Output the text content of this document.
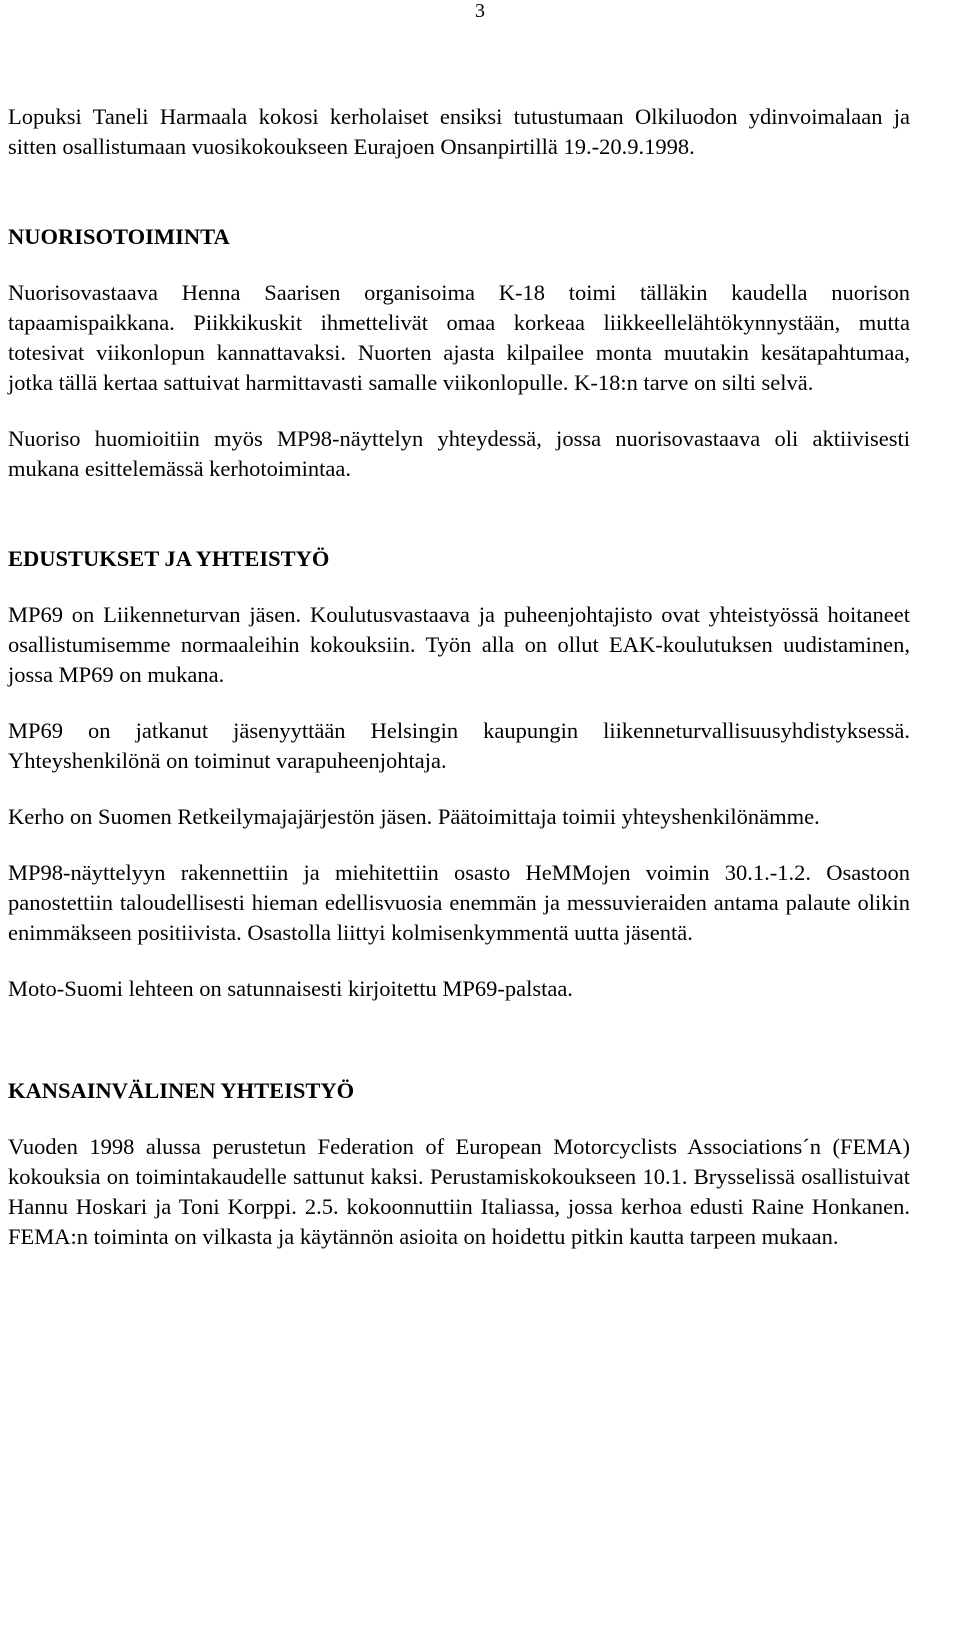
3

Lopuksi Taneli Harmaala kokosi kerholaiset ensiksi tutustumaan Olkiluodon ydinvoimalaan ja sitten osallistumaan vuosikokoukseen Eurajoen Onsanpirtillä 19.-20.9.1998.

NUORISOTOIMINTA

Nuorisovastaava Henna Saarisen organisoima K-18 toimi tälläkin kaudella nuorison tapaamispaikkana. Piikkikuskit ihmettelivät omaa korkeaa liikkeellelähtökynnystään, mutta totesivat viikonlopun kannattavaksi. Nuorten ajasta kilpailee monta muutakin kesätapahtumaa, jotka tällä kertaa sattuivat harmittavasti samalle viikonlopulle. K-18:n tarve on silti selvä.

Nuoriso huomioitiin myös MP98-näyttelyn yhteydessä, jossa nuorisovastaava oli aktiivisesti mukana esittelemässä kerhotoimintaa.

EDUSTUKSET JA YHTEISTYÖ

MP69 on Liikenneturvan jäsen. Koulutusvastaava ja puheenjohtajisto ovat yhteistyössä hoitaneet osallistumisemme normaaleihin kokouksiin. Työn alla on ollut EAK-koulutuksen uudistaminen, jossa MP69 on mukana.

MP69 on jatkanut jäsenyyttään Helsingin kaupungin liikenneturvallisuusyhdistyksessä. Yhteyshenkilönä on toiminut varapuheenjohtaja.

Kerho on Suomen Retkeilymajajärjestön jäsen. Päätoimittaja toimii yhteyshenkilönämme.

MP98-näyttelyyn rakennettiin ja miehitettiin osasto HeMMojen voimin 30.1.-1.2. Osastoon panostettiin taloudellisesti hieman edellisvuosia enemmän ja messuvieraiden antama palaute olikin enimmäkseen positiivista. Osastolla liittyi kolmisenkymmentä uutta jäsentä.

Moto-Suomi lehteen on satunnaisesti kirjoitettu MP69-palstaa.

KANSAINVÄLINEN YHTEISTYÖ

Vuoden 1998 alussa perustetun Federation of European Motorcyclists Associations´n (FEMA) kokouksia on toimintakaudelle sattunut kaksi. Perustamiskokoukseen 10.1. Brysselissä osallistuivat Hannu Hoskari ja Toni Korppi. 2.5. kokoonnuttiin Italiassa, jossa kerhoa edusti Raine Honkanen. FEMA:n toiminta on vilkasta ja käytännön asioita on hoidettu pitkin kautta tarpeen mukaan.
